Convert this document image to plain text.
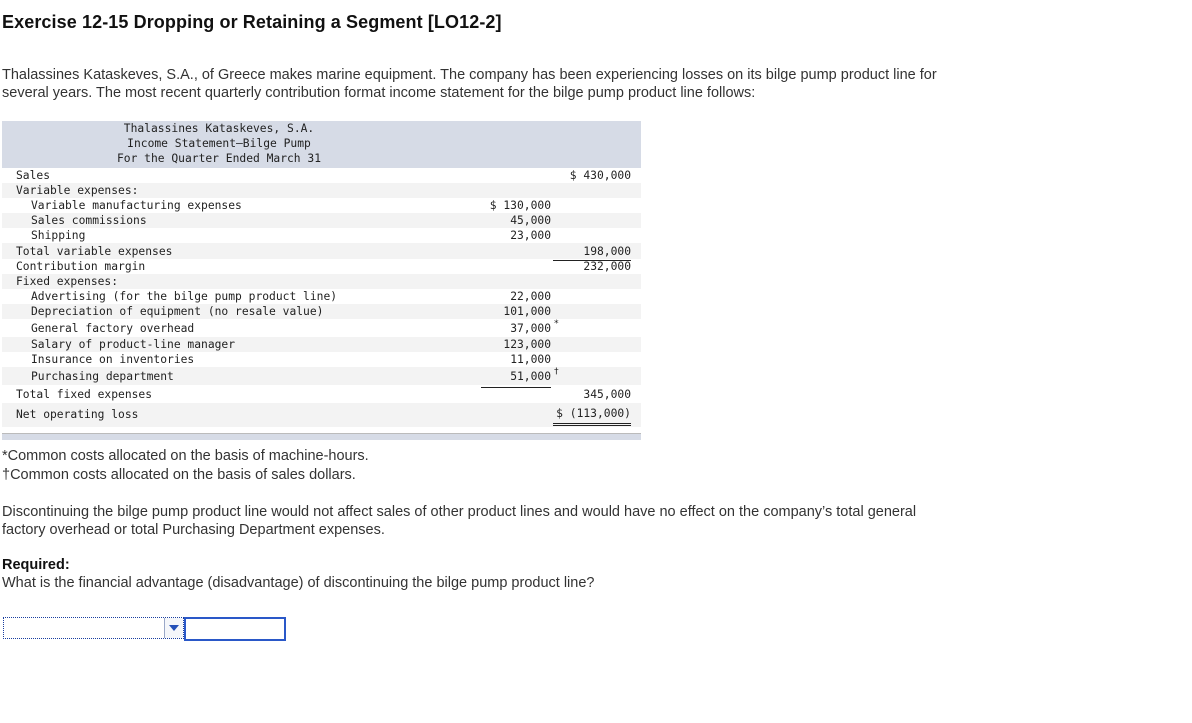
Exercise 12-15 Dropping or Retaining a Segment [LO12-2]
Thalassines Kataskeves, S.A., of Greece makes marine equipment. The company has been experiencing losses on its bilge pump product line for several years. The most recent quarterly contribution format income statement for the bilge pump product line follows:
Thalassines Kataskeves, S.A.
Income Statement—Bilge Pump
For the Quarter Ended March 31
Sales	$ 430,000
Variable expenses:
Variable manufacturing expenses	$ 130,000
Sales commissions	45,000
Shipping	23,000
Total variable expenses	198,000
Contribution margin	232,000
Fixed expenses:
Advertising (for the bilge pump product line)	22,000
Depreciation of equipment (no resale value)	101,000
General factory overhead	37,000 *
Salary of product-line manager	123,000
Insurance on inventories	11,000
Purchasing department	51,000 †
Total fixed expenses	345,000
Net operating loss	$ (113,000)
*Common costs allocated on the basis of machine-hours.
†Common costs allocated on the basis of sales dollars.
Discontinuing the bilge pump product line would not affect sales of other product lines and would have no effect on the company’s total general factory overhead or total Purchasing Department expenses.
Required:
What is the financial advantage (disadvantage) of discontinuing the bilge pump product line?
